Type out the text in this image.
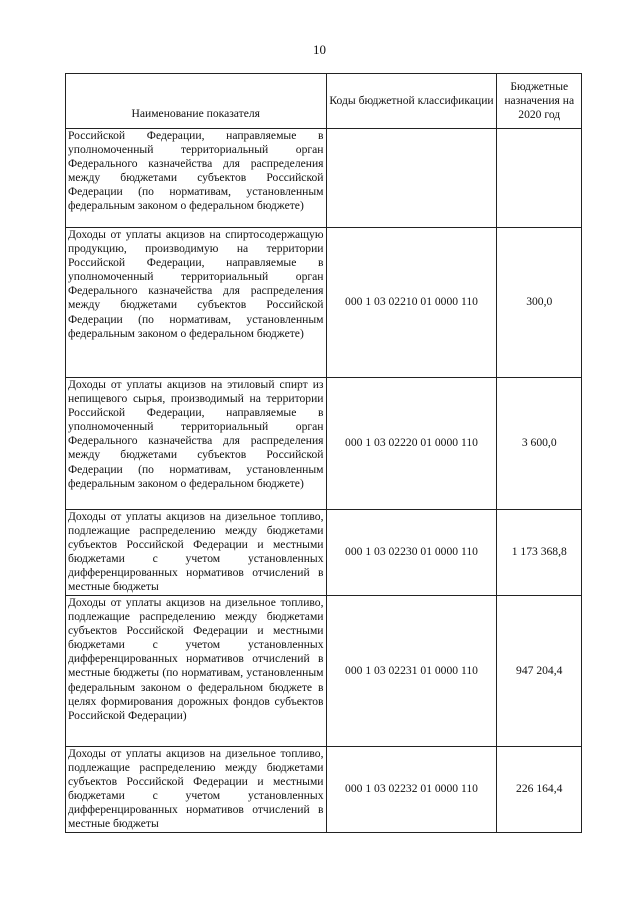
10
Наименование показателя	Коды бюджетной классификации	Бюджетные назначения на 2020 год
Российской Федерации, направляемые в уполномоченный территориальный орган Федерального казначейства для распределения между бюджетами субъектов Российской Федерации (по нормативам, установленным федеральным законом о федеральном бюджете)		
Доходы от уплаты акцизов на спиртосодержащую продукцию, производимую на территории Российской Федерации, направляемые в уполномоченный территориальный орган Федерального казначейства для распределения между бюджетами субъектов Российской Федерации (по нормативам, установленным федеральным законом о федеральном бюджете)	000 1 03 02210 01 0000 110	300,0
Доходы от уплаты акцизов на этиловый спирт из непищевого сырья, производимый на территории Российской Федерации, направляемые в уполномоченный территориальный орган Федерального казначейства для распределения между бюджетами субъектов Российской Федерации (по нормативам, установленным федеральным законом о федеральном бюджете)	000 1 03 02220 01 0000 110	3 600,0
Доходы от уплаты акцизов на дизельное топливо, подлежащие распределению между бюджетами субъектов Российской Федерации и местными бюджетами с учетом установленных дифференцированных нормативов отчислений в местные бюджеты	000 1 03 02230 01 0000 110	1 173 368,8
Доходы от уплаты акцизов на дизельное топливо, подлежащие распределению между бюджетами субъектов Российской Федерации и местными бюджетами с учетом установленных дифференцированных нормативов отчислений в местные бюджеты (по нормативам, установленным федеральным законом о федеральном бюджете в целях формирования дорожных фондов субъектов Российской Федерации)	000 1 03 02231 01 0000 110	947 204,4
Доходы от уплаты акцизов на дизельное топливо, подлежащие распределению между бюджетами субъектов Российской Федерации и местными бюджетами с учетом установленных дифференцированных нормативов отчислений в местные бюджеты	000 1 03 02232 01 0000 110	226 164,4
